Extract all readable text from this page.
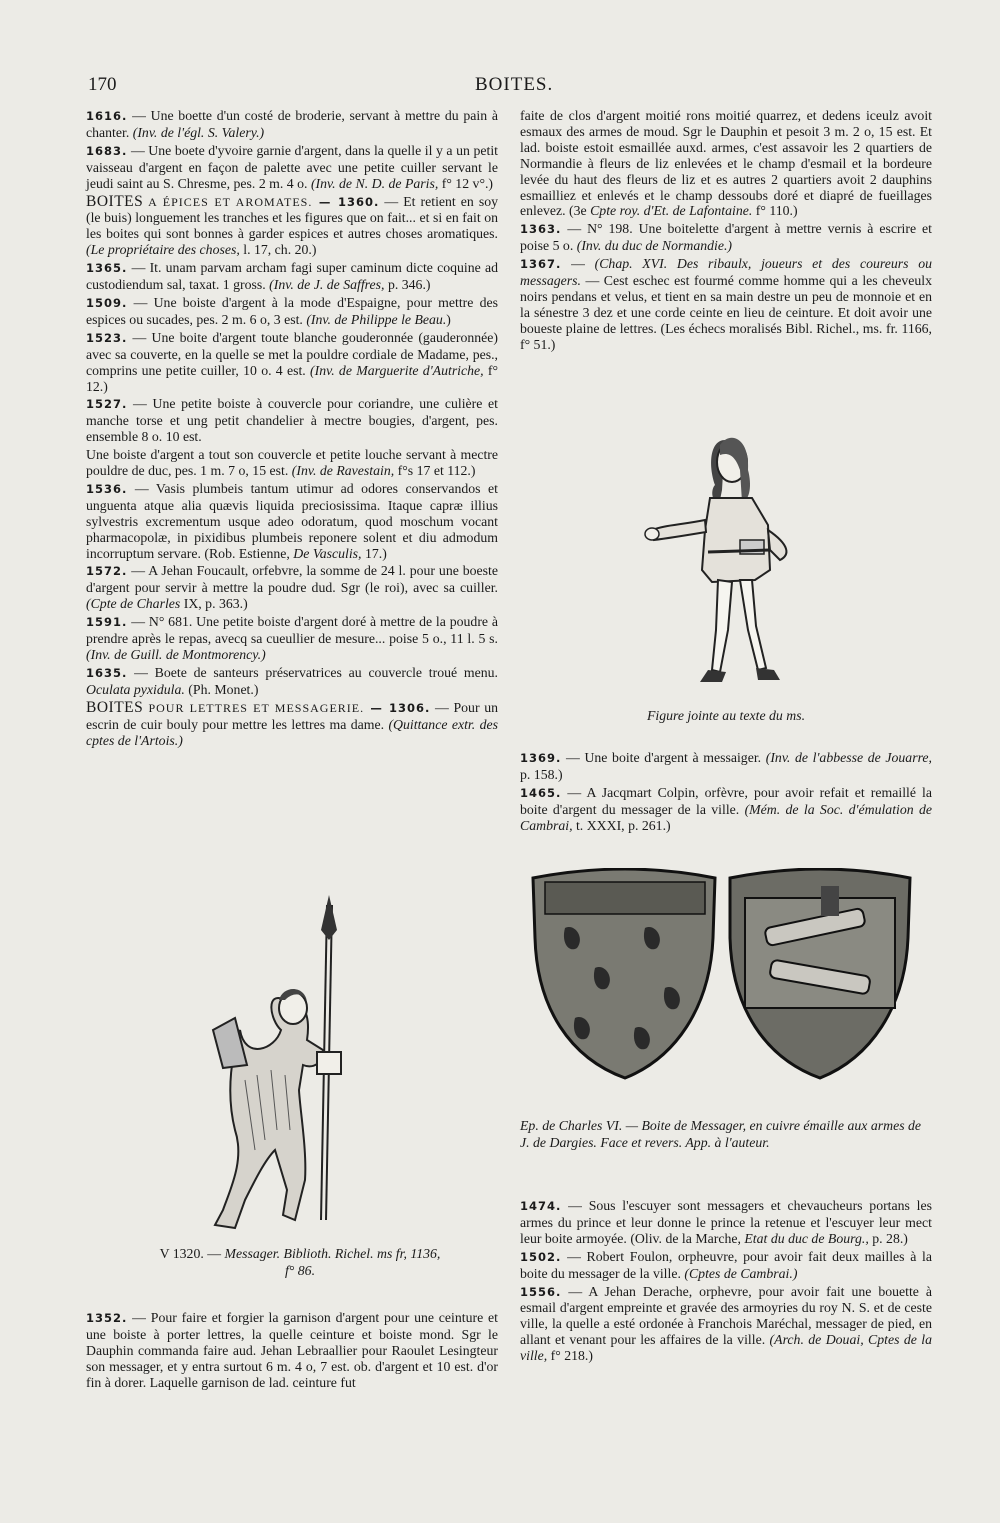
170	BOITES.

1616. — Une boette d'un costé de broderie, servant à mettre du pain à chanter. (Inv. de l'égl. S. Valery.)

1683. — Une boete d'yvoire garnie d'argent, dans la quelle il y a un petit vaisseau d'argent en façon de palette avec une petite cuiller servant le jeudi saint au S. Chresme, pes. 2 m. 4 o. (Inv. de N. D. de Paris, f° 12 v°.)

BOITES A ÉPICES ET AROMATES. — 1360. — Et retient en soy (le buis) longuement les tranches et les figures que on fait... et si en fait on les boites qui sont bonnes à garder espices et autres choses aromatiques. (Le propriétaire des choses, l. 17, ch. 20.)

1365. — It. unam parvam archam fagi super caminum dicte coquine ad custodiendum sal, taxat. 1 gross. (Inv. de J. de Saffres, p. 346.)

1509. — Une boiste d'argent à la mode d'Espaigne, pour mettre des espices ou sucades, pes. 2 m. 6 o, 3 est. (Inv. de Philippe le Beau.)

1523. — Une boite d'argent toute blanche gouderonnée (gauderonnée) avec sa couverte, en la quelle se met la pouldre cordiale de Madame, pes., comprins une petite cuiller, 10 o. 4 est. (Inv. de Marguerite d'Autriche, f° 12.)

1527. — Une petite boiste à couvercle pour coriandre, une culière et manche torse et ung petit chandelier à mectre bougies, d'argent, pes. ensemble 8 o. 10 est.

Une boiste d'argent a tout son couvercle et petite louche servant à mectre pouldre de duc, pes. 1 m. 7 o, 15 est. (Inv. de Ravestain, f°s 17 et 112.)

1536. — Vasis plumbeis tantum utimur ad odores conservandos et unguenta atque alia quævis liquida preciosissima. Itaque capræ illius sylvestris excrementum usque adeo odoratum, quod moschum vocant pharmacopolæ, in pixidibus plumbeis reponere solent et diu admodum incorruptum servare. (Rob. Estienne, De Vasculis, 17.)

1572. — A Jehan Foucault, orfebvre, la somme de 24 l. pour une boeste d'argent pour servir à mettre la poudre dud. Sgr (le roi), avec sa cuiller. (Cpte de Charles IX, p. 363.)

1591. — N° 681. Une petite boiste d'argent doré à mettre de la poudre à prendre après le repas, avecq sa cueullier de mesure... poise 5 o., 11 l. 5 s. (Inv. de Guill. de Montmorency.)

1635. — Boete de santeurs préservatrices au couvercle troué menu. Oculata pyxidula. (Ph. Monet.)

BOITES POUR LETTRES ET MESSAGERIE. — 1306. — Pour un escrin de cuir bouly pour mettre les lettres ma dame. (Quittance extr. des cptes de l'Artois.)

V 1320. — Messager. Biblioth. Richel. ms fr, 1136,
f° 86.

1352. — Pour faire et forgier la garnison d'argent pour une ceinture et une boiste à porter lettres, la quelle ceinture et boiste mond. Sgr le Dauphin commanda faire aud. Jehan Lebraallier pour Raoulet Lesingteur son messager, et y entra surtout 6 m. 4 o, 7 est. ob. d'argent et 10 est. d'or fin à dorer. Laquelle garnison de lad. ceinture fut

faite de clos d'argent moitié rons moitié quarrez, et dedens iceulz avoit esmaux des armes de moud. Sgr le Dauphin et pesoit 3 m. 2 o, 15 est. Et lad. boiste estoit esmaillée auxd. armes, c'est assavoir les 2 quartiers de Normandie à fleurs de liz enlevées et le champ d'esmail et la bordeure levée du haut des fleurs de liz et es autres 2 quartiers avoit 2 dauphins esmailliez et enlevés et le champ dessoubs doré et diapré de fueillages enlevez. (3e Cpte roy. d'Et. de Lafontaine. f° 110.)

1363. — N° 198. Une boitelette d'argent à mettre vernis à escrire et poise 5 o. (Inv. du duc de Normandie.)

1367. — (Chap. XVI. Des ribaulx, joueurs et des coureurs ou messagers. — Cest eschec est fourmé comme homme qui a les cheveulx noirs pendans et velus, et tient en sa main destre un peu de monnoie et en la sénestre 3 dez et une corde ceinte en lieu de ceinture. Et doit avoir une boueste plaine de lettres. (Les échecs moralisés Bibl. Richel., ms. fr. 1166, f° 51.)

Figure jointe au texte du ms.

1369. — Une boite d'argent à messaiger. (Inv. de l'abbesse de Jouarre, p. 158.)

1465. — A Jacqmart Colpin, orfèvre, pour avoir refait et remaillé la boite d'argent du messager de la ville. (Mém. de la Soc. d'émulation de Cambrai, t. XXXI, p. 261.)

Ep. de Charles VI. — Boite de Messager, en cuivre émaille aux armes de J. de Dargies. Face et revers. App. à l'auteur.

1474. — Sous l'escuyer sont messagers et chevaucheurs portans les armes du prince et leur donne le prince la retenue et l'escuyer leur mect leur boite armoyée. (Oliv. de la Marche, Etat du duc de Bourg., p. 28.)

1502. — Robert Foulon, orpheuvre, pour avoir fait deux mailles à la boite du messager de la ville. (Cptes de Cambrai.)

1556. — A Jehan Derache, orphevre, pour avoir fait une bouette à esmail d'argent empreinte et gravée des armoyries du roy N. S. et de ceste ville, la quelle a esté ordonée à Franchois Maréchal, messager de pied, en allant et venant pour les affaires de la ville. (Arch. de Douai, Cptes de la ville, f° 218.)
